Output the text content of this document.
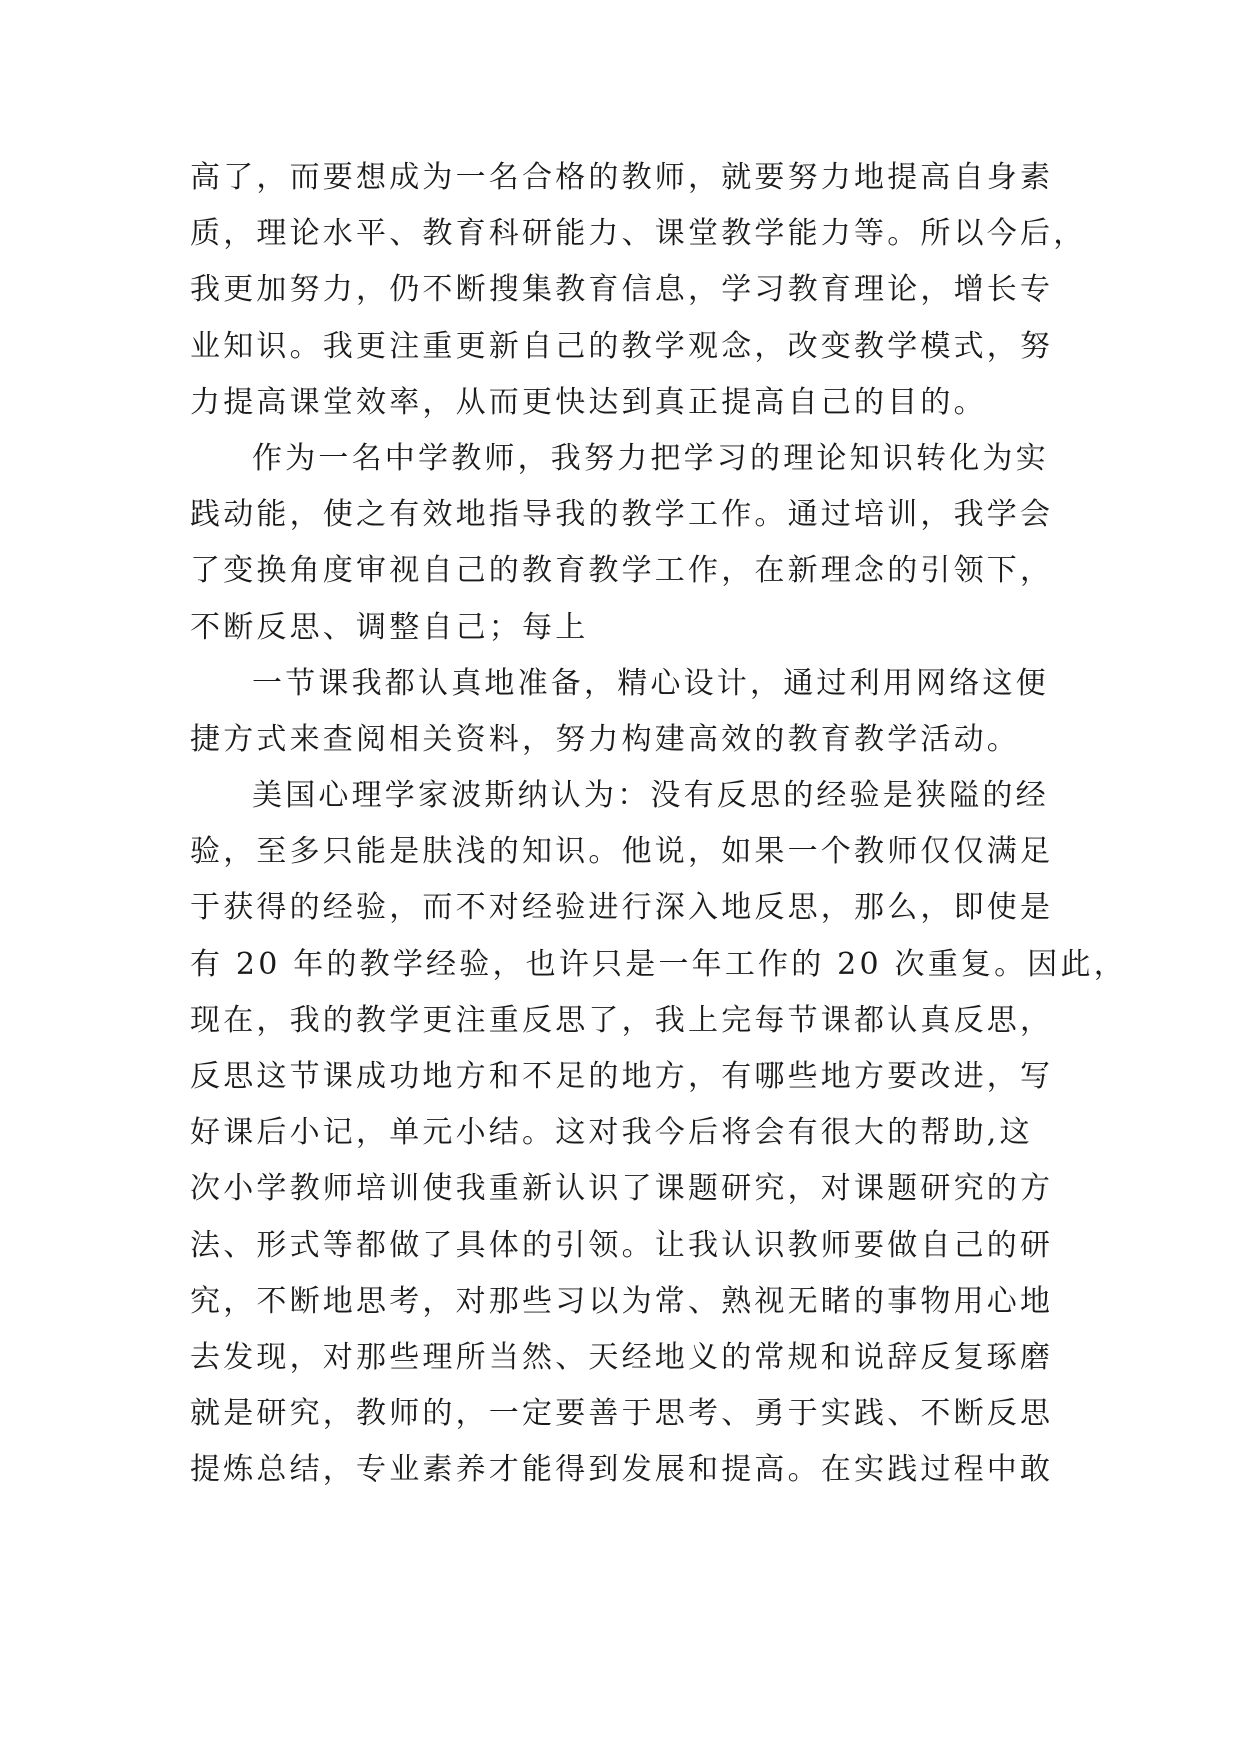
高了，而要想成为一名合格的教师，就要努力地提高自身素
质，理论水平、教育科研能力、课堂教学能力等。所以今后，
我更加努力，仍不断搜集教育信息，学习教育理论，增长专
业知识。我更注重更新自己的教学观念，改变教学模式，努
力提高课堂效率，从而更快达到真正提高自己的目的。
作为一名中学教师，我努力把学习的理论知识转化为实
践动能，使之有效地指导我的教学工作。通过培训，我学会
了变换角度审视自己的教育教学工作，在新理念的引领下，
不断反思、调整自己；每上
一节课我都认真地准备，精心设计，通过利用网络这便
捷方式来查阅相关资料，努力构建高效的教育教学活动。
美国心理学家波斯纳认为：没有反思的经验是狭隘的经
验，至多只能是肤浅的知识。他说，如果一个教师仅仅满足
于获得的经验，而不对经验进行深入地反思，那么，即使是
有 20 年的教学经验，也许只是一年工作的 20 次重复。因此，
现在，我的教学更注重反思了，我上完每节课都认真反思，
反思这节课成功地方和不足的地方，有哪些地方要改进，写
好课后小记，单元小结。这对我今后将会有很大的帮助,这
次小学教师培训使我重新认识了课题研究，对课题研究的方
法、形式等都做了具体的引领。让我认识教师要做自己的研
究，不断地思考，对那些习以为常、熟视无睹的事物用心地
去发现，对那些理所当然、天经地义的常规和说辞反复琢磨
就是研究，教师的，一定要善于思考、勇于实践、不断反思
提炼总结，专业素养才能得到发展和提高。在实践过程中敢
